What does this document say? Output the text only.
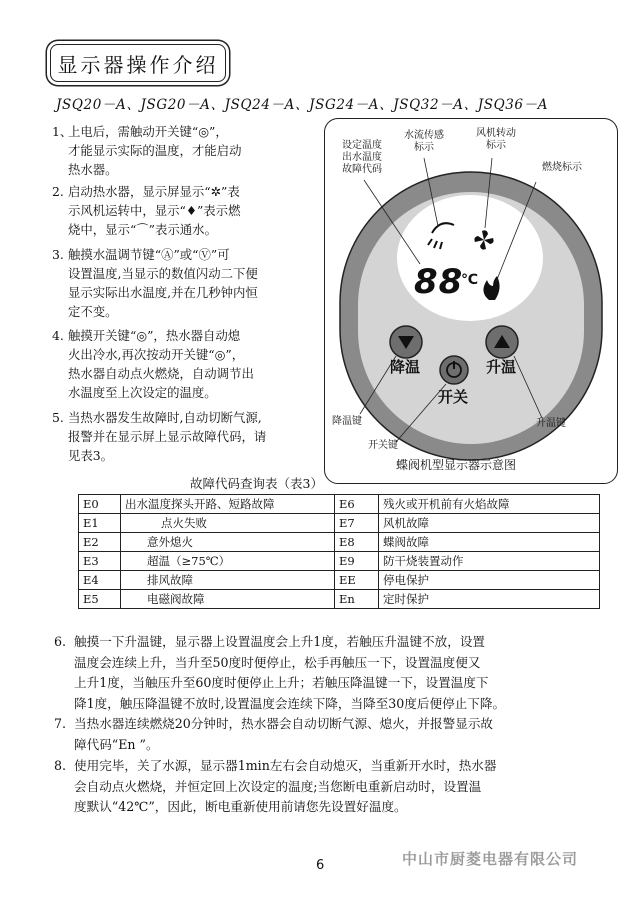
显示器操作介绍
JSQ20－A、JSG20－A、JSQ24－A、JSG24－A、JSQ32－A、JSQ36－A
1、
上电后，需触动开关键“◎”，
才能显示实际的温度，才能启动
热水器。
2. 启动热水器，显示屏显示“✲”表
示风机运转中，显示“♦”表示燃
烧中，显示“⌒”表示通水。
3. 触摸水温调节键“Ⓐ”或“Ⓥ”可
设置温度,当显示的数值闪动二下便
显示实际出水温度,并在几秒钟内恒
定不变。
4. 触摸开关键“◎”，热水器自动熄
火出冷水,再次按动开关键“◎”，
热水器自动点火燃烧，自动调节出
水温度至上次设定的温度。
5. 当热水器发生故障时,自动切断气源,
报警并在显示屏上显示故障代码，请
见表3。
设定温度
出水温度
故障代码
水流传感
标示
风机转动
标示
燃烧标示
88
℃
降温	升温
开关
降温键	升温键
开关键
蝶阀机型显示器示意图
故障代码查询表（表3）
E0	出水温度探头开路、短路故障	E6	残火或开机前有火焰故障
E1	点火失败	E7	风机故障
E2	意外熄火	E8	蝶阀故障
E3	超温（≥75℃）	E9	防干烧装置动作
E4	排风故障	EE	停电保护
E5	电磁阀故障	En	定时保护
6. 触摸一下升温键，显示器上设置温度会上升1度，若触压升温键不放，设置
温度会连续上升，当升至50度时便停止，松手再触压一下，设置温度便又
上升1度，当触压升至60度时便停止上升；若触压降温键一下，设置温度下
降1度，触压降温键不放时,设置温度会连续下降，当降至30度后便停止下降。
7. 当热水器连续燃烧20分钟时，热水器会自动切断气源、熄火，并报警显示故
障代码“En ”。
8. 使用完毕，关了水源，显示器1min左右会自动熄灭，当重新开水时，热水器
会自动点火燃烧，并恒定回上次设定的温度;当您断电重新启动时，设置温
度默认“42℃”，因此，断电重新使用前请您先设置好温度。
6	中山市厨菱电器有限公司
